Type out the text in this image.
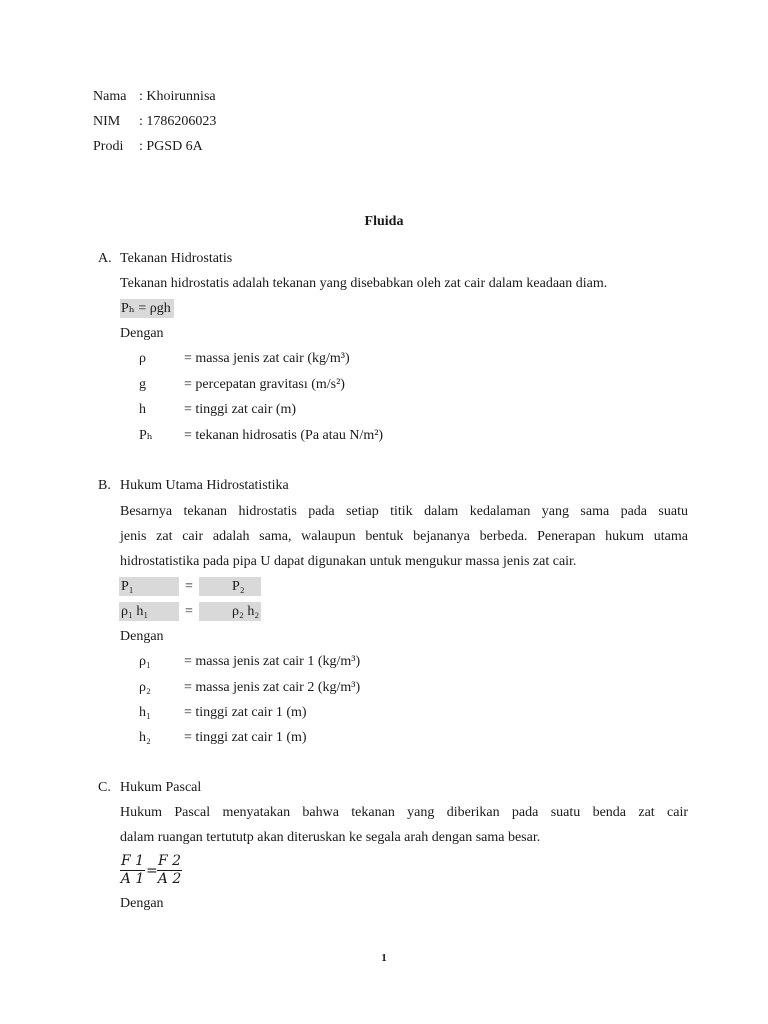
Nama : Khoirunnisa
NIM : 1786206023
Prodi : PGSD 6A
Fluida
A. Tekanan Hidrostatis
Tekanan hidrostatis adalah tekanan yang disebabkan oleh zat cair dalam keadaan diam.
Pₕ = ρgh
Dengan
ρ	= massa jenis zat cair (kg/m³)
g	= percepatan gravitası (m/s²)
h	= tinggi zat cair (m)
Pₕ = tekanan hidrosatis (Pa atau N/m²)
B. Hukum Utama Hidrostatistika
Besarnya tekanan hidrostatis pada setiap titik dalam kedalaman yang sama pada suatu
jenis zat cair adalah sama, walaupun bentuk bejananya berbeda. Penerapan hukum utama
hidrostatistika pada pipa U dapat digunakan untuk mengukur massa jenis zat cair.
P₁	=	P₂
ρ₁ h₁	=	ρ₂ h₂
Dengan
ρ₁ = massa jenis zat cair 1 (kg/m³)
ρ₂ = massa jenis zat cair 2 (kg/m³)
h₁ = tinggi zat cair 1 (m)
h₂ = tinggi zat cair 1 (m)
C. Hukum Pascal
Hukum Pascal menyatakan bahwa tekanan yang diberikan pada suatu benda zat cair
dalam ruangan tertututp akan diteruskan ke segala arah dengan sama besar.
$\frac{F 1}{A 1} = \frac{F 2}{A 2}$
Dengan
1
